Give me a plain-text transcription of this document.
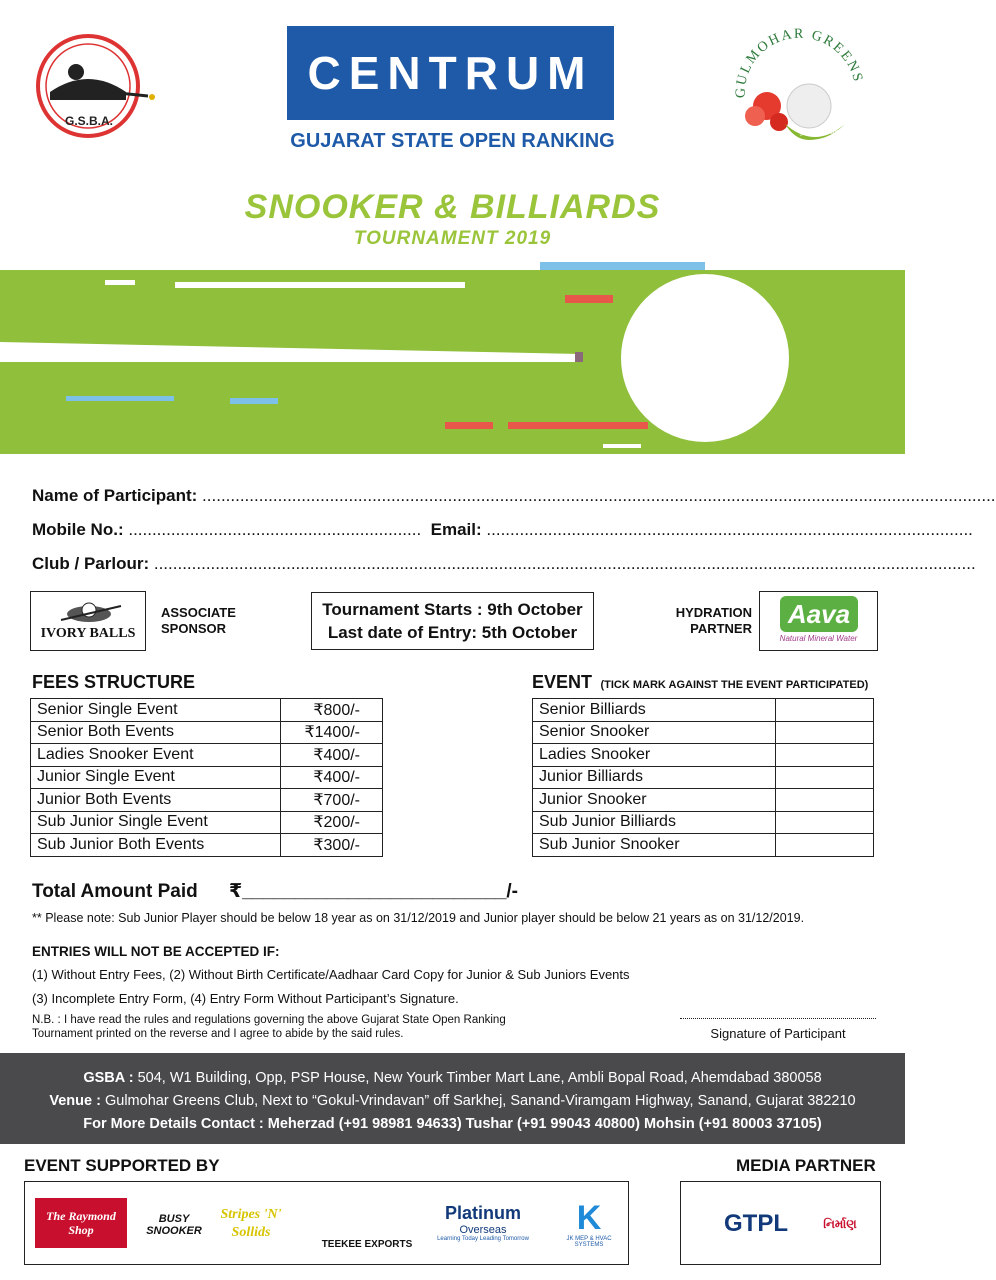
G.S.B.A.
CENTRUM
GUJARAT STATE OPEN RANKING
GULMOHAR GREENS
golf & country club
SNOOKER & BILLIARDS
TOURNAMENT 2019
Name of Participant: ........................................................................................................................................................................
Mobile No.: .............................................................. Email: .......................................................................................................
Club / Parlour: ..............................................................................................................................................................................
IVORY BALLS
ASSOCIATE
SPONSOR
Tournament Starts : 9th October
Last date of Entry: 5th October
HYDRATION
PARTNER	Aava
Natural Mineral Water
FEES STRUCTURE
Senior Single Event	₹800/-
Senior Both Events	₹1400/-
Ladies Snooker Event	₹400/-
Junior Single Event	₹400/-
Junior Both Events	₹700/-
Sub Junior Single Event	₹200/-
Sub Junior Both Events	₹300/-
EVENT (TICK MARK AGAINST THE EVENT PARTICIPATED)
Senior Billiards	
Senior Snooker	
Ladies Snooker	
Junior Billiards	
Junior Snooker	
Sub Junior Billiards	
Sub Junior Snooker	
Total Amount Paid ₹_________________________/-
** Please note: Sub Junior Player should be below 18 year as on 31/12/2019 and Junior player should be below 21 years as on 31/12/2019.
ENTRIES WILL NOT BE ACCEPTED IF:
(1) Without Entry Fees, (2) Without Birth Certificate/Aadhaar Card Copy for Junior & Sub Juniors Events
(3) Incomplete Entry Form, (4) Entry Form Without Participant’s Signature.
N.B. : I have read the rules and regulations governing the above Gujarat State Open Ranking Tournament printed on the reverse and I agree to abide by the said rules.	Signature of Participant
GSBA : 504, W1 Building, Opp, PSP House, New Yourk Timber Mart Lane, Ambli Bopal Road, Ahemdabad 380058
Venue : Gulmohar Greens Club, Next to “Gokul-Vrindavan” off Sarkhej, Sanand-Viramgam Highway, Sanand, Gujarat 382210
For More Details Contact : Meherzad (+91 98981 94633) Tushar (+91 99043 40800) Mohsin (+91 80003 37105)
EVENT SUPPORTED BY	MEDIA PARTNER
The Raymond Shop
BUSY SNOOKER
Stripes 'N' Sollids
TEEKEE EXPORTS
Platinum
Overseas
Learning Today Leading Tomorrow
K
JK MEP & HVAC SYSTEMS
GTPL	નિર્માણ
